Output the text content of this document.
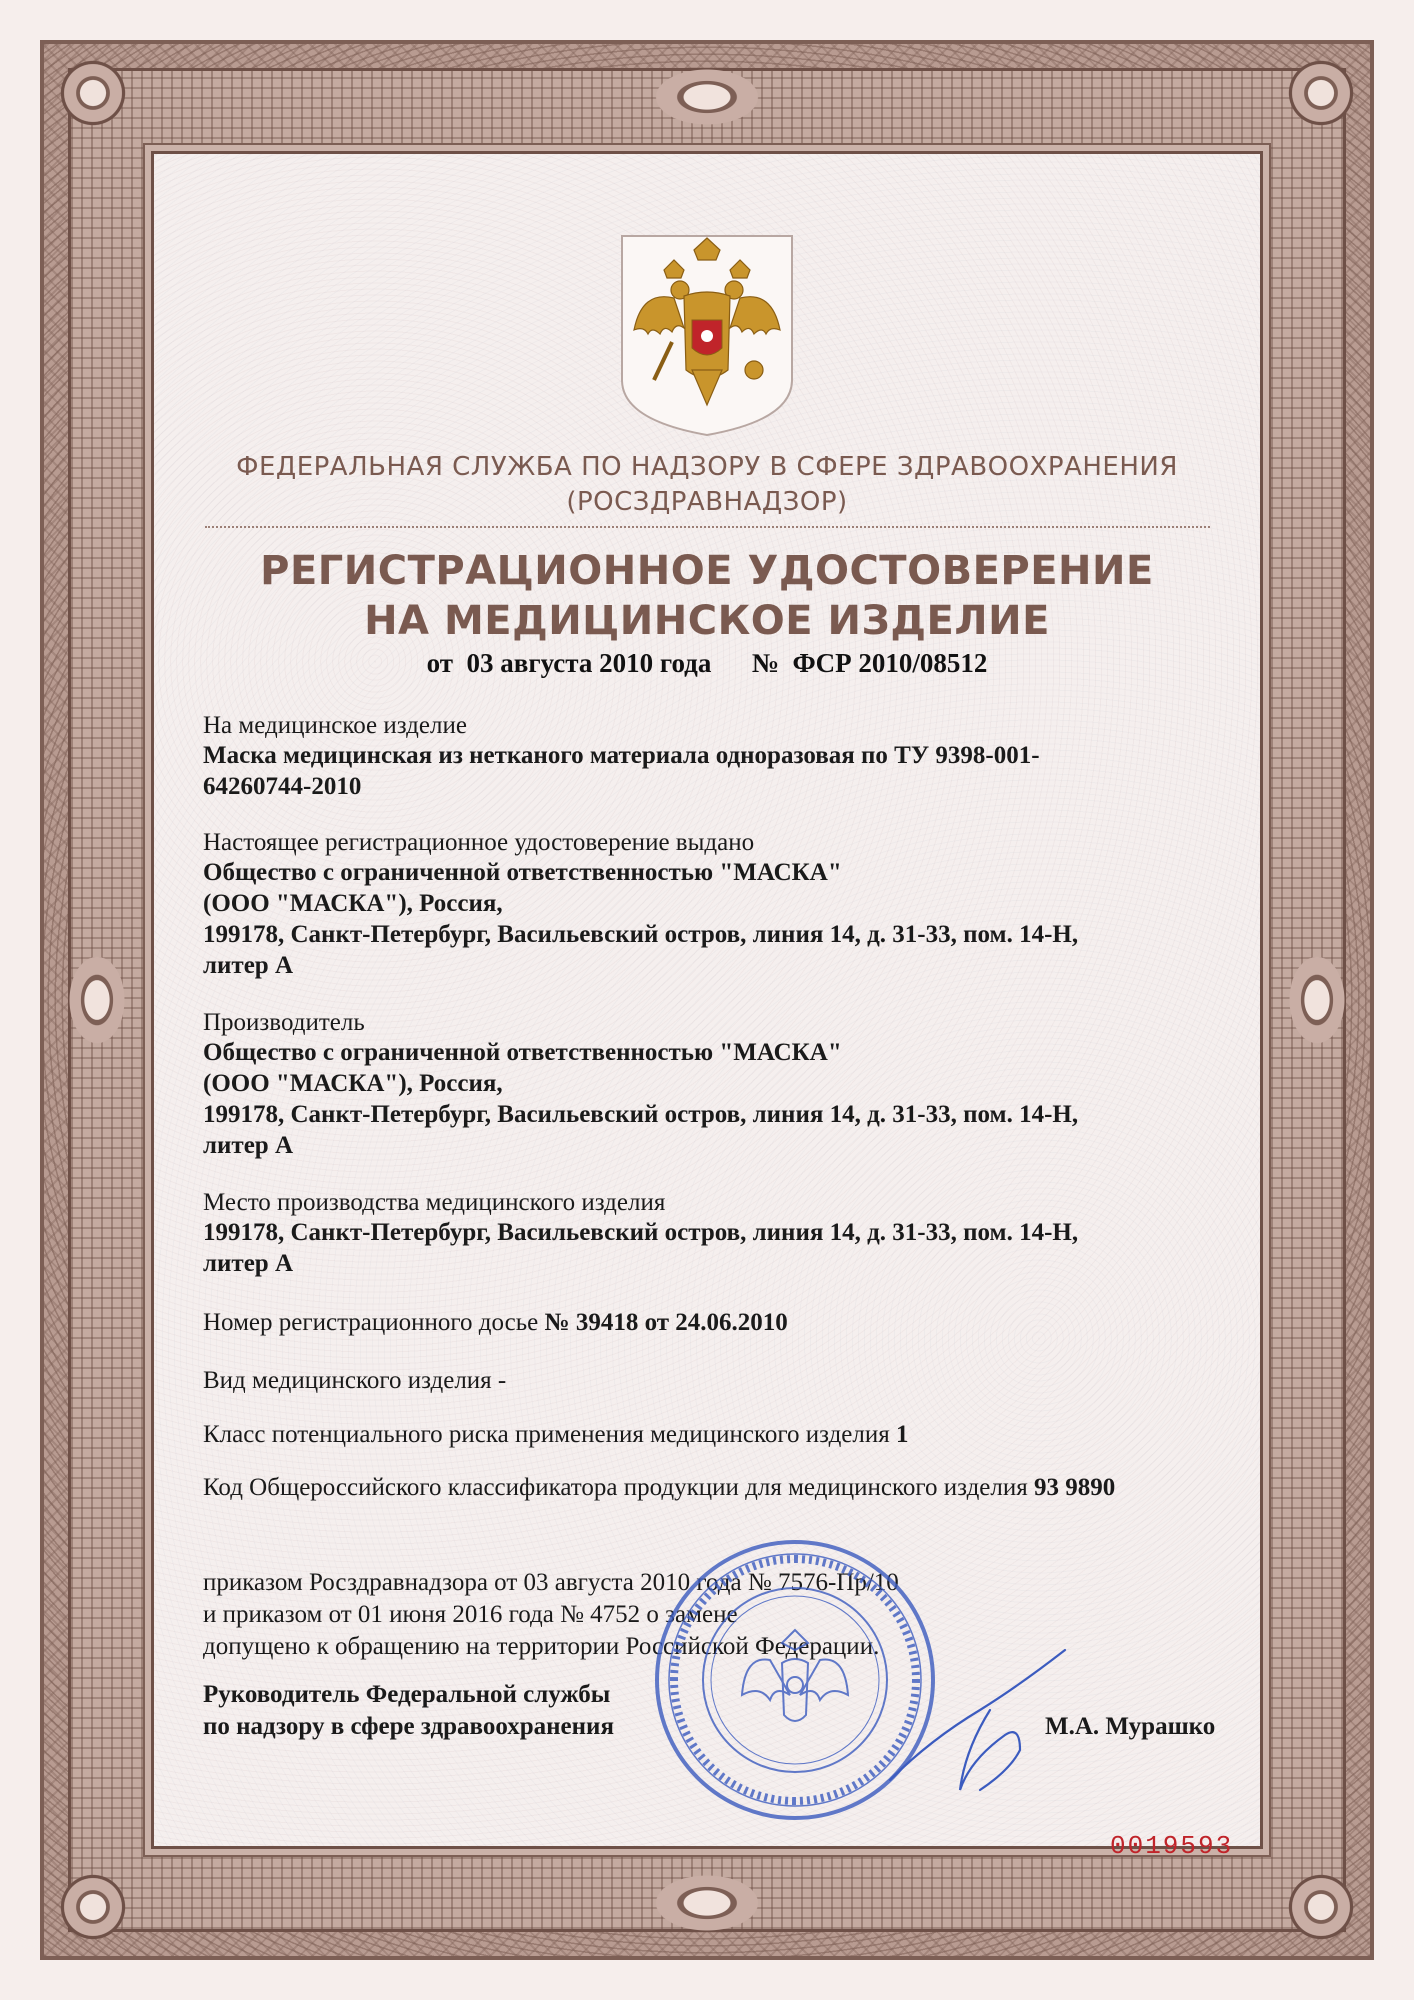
ФЕДЕРАЛЬНАЯ СЛУЖБА ПО НАДЗОРУ В СФЕРЕ ЗДРАВООХРАНЕНИЯ
(РОСЗДРАВНАДЗОР)
РЕГИСТРАЦИОННОЕ УДОСТОВЕРЕНИЕ
НА МЕДИЦИНСКОЕ ИЗДЕЛИЕ
от 03 августа 2010 года № ФСР 2010/08512
На медицинское изделие
Маска медицинская из нетканого материала одноразовая по ТУ 9398-001-
64260744-2010
Настоящее регистрационное удостоверение выдано
Общество с ограниченной ответственностью "МАСКА"
(ООО "МАСКА"), Россия,
199178, Санкт-Петербург, Васильевский остров, линия 14, д. 31-33, пом. 14-Н,
литер А
Производитель
Общество с ограниченной ответственностью "МАСКА"
(ООО "МАСКА"), Россия,
199178, Санкт-Петербург, Васильевский остров, линия 14, д. 31-33, пом. 14-Н,
литер А
Место производства медицинского изделия
199178, Санкт-Петербург, Васильевский остров, линия 14, д. 31-33, пом. 14-Н,
литер А
Номер регистрационного досье № 39418 от 24.06.2010
Вид медицинского изделия -
Класс потенциального риска применения медицинского изделия 1
Код Общероссийского классификатора продукции для медицинского изделия 93 9890
приказом Росздравнадзора от 03 августа 2010 года № 7576-Пр/10
и приказом от 01 июня 2016 года № 4752 о замене
допущено к обращению на территории Российской Федерации.
Руководитель Федеральной службы
по надзору в сфере здравоохранения	М.А. Мурашко
0019593
